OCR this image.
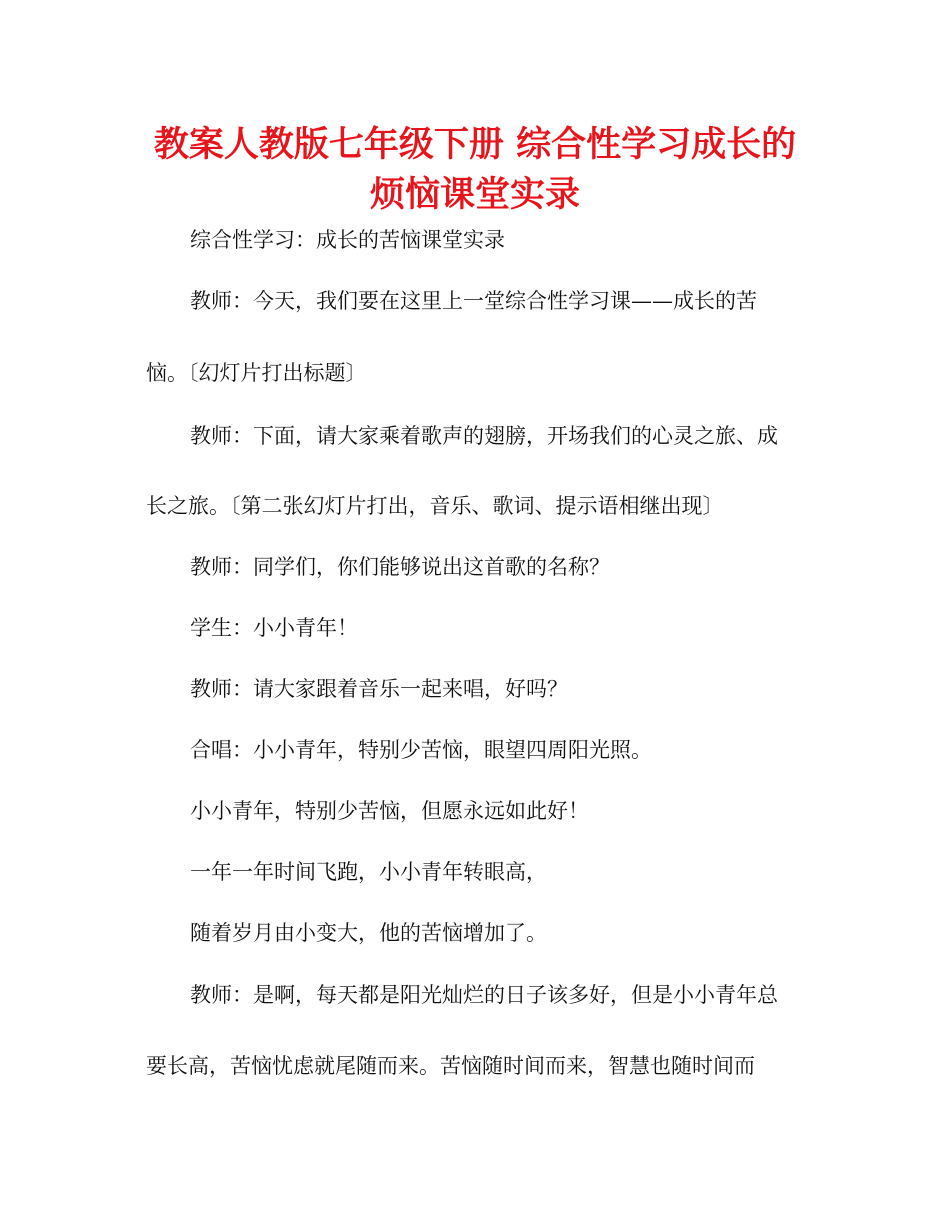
教案人教版七年级下册 综合性学习成长的
烦恼课堂实录
综合性学习：成长的苦恼课堂实录
教师：今天，我们要在这里上一堂综合性学习课——成长的苦
恼。〔幻灯片打出标题〕
教师：下面，请大家乘着歌声的翅膀，开场我们的心灵之旅、成
长之旅。〔第二张幻灯片打出，音乐、歌词、提示语相继出现〕
教师：同学们，你们能够说出这首歌的名称？
学生：小小青年！
教师：请大家跟着音乐一起来唱，好吗？
合唱：小小青年，特别少苦恼，眼望四周阳光照。
小小青年，特别少苦恼，但愿永远如此好！
一年一年时间飞跑，小小青年转眼高，
随着岁月由小变大，他的苦恼增加了。
教师：是啊，每天都是阳光灿烂的日子该多好，但是小小青年总
要长高，苦恼忧虑就尾随而来。苦恼随时间而来，智慧也随时间而
